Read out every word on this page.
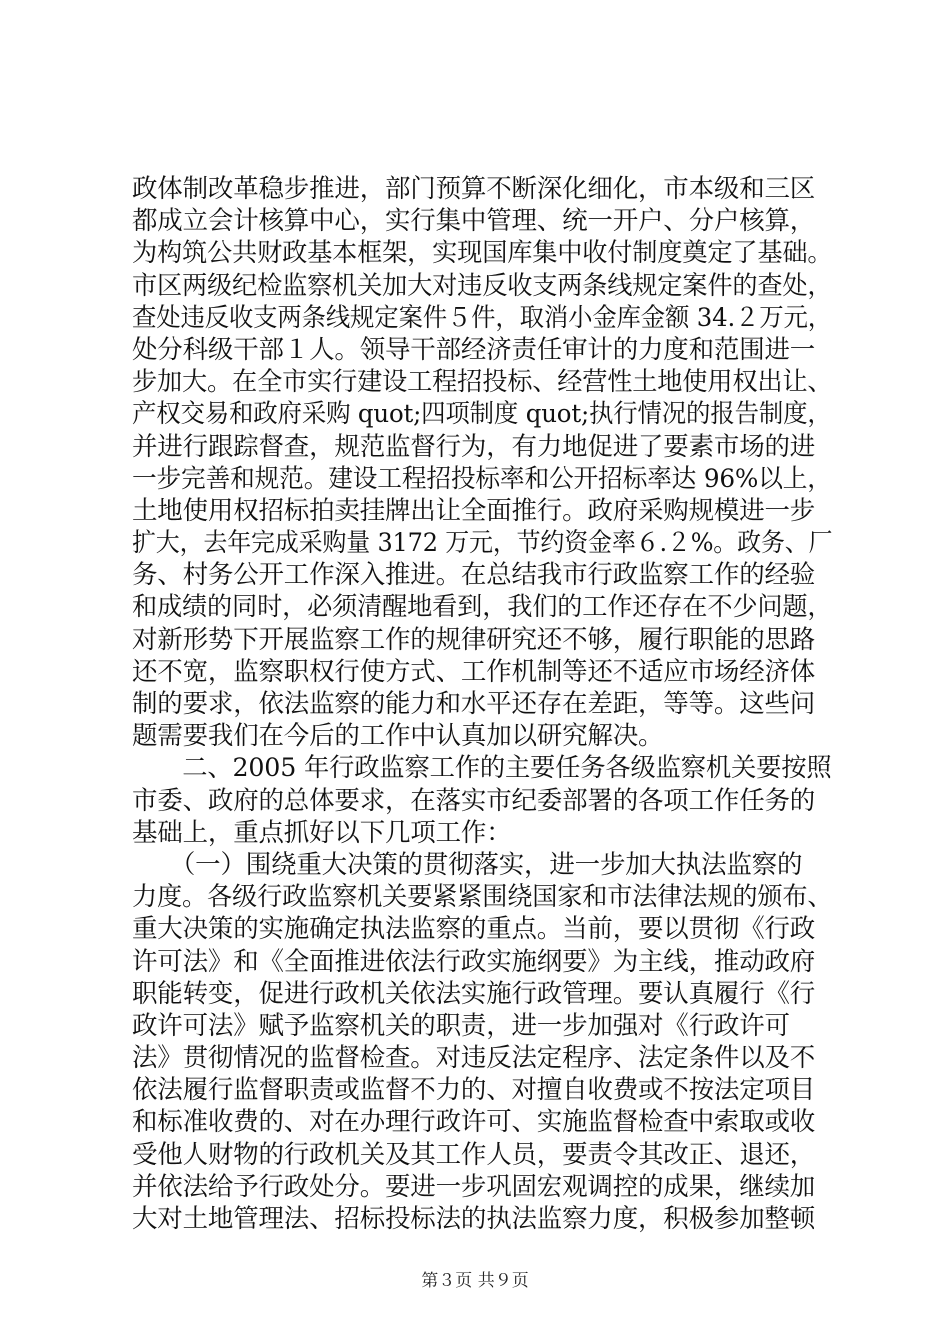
政体制改革稳步推进，部门预算不断深化细化，市本级和三区
都成立会计核算中心，实行集中管理、统一开户、分户核算，
为构筑公共财政基本框架，实现国库集中收付制度奠定了基础。
市区两级纪检监察机关加大对违反收支两条线规定案件的查处，
查处违反收支两条线规定案件５件，取消小金库金额 34.２万元，
处分科级干部１人。领导干部经济责任审计的力度和范围进一
步加大。在全市实行建设工程招投标、经营性土地使用权出让、
产权交易和政府采购 quot;四项制度 quot;执行情况的报告制度，
并进行跟踪督查，规范监督行为，有力地促进了要素市场的进
一步完善和规范。建设工程招投标率和公开招标率达 96%以上，
土地使用权招标拍卖挂牌出让全面推行。政府采购规模进一步
扩大，去年完成采购量 3172 万元，节约资金率６.２%。政务、厂
务、村务公开工作深入推进。在总结我市行政监察工作的经验
和成绩的同时，必须清醒地看到，我们的工作还存在不少问题，
对新形势下开展监察工作的规律研究还不够，履行职能的思路
还不宽，监察职权行使方式、工作机制等还不适应市场经济体
制的要求，依法监察的能力和水平还存在差距，等等。这些问
题需要我们在今后的工作中认真加以研究解决。
　　二、2005 年行政监察工作的主要任务各级监察机关要按照
市委、政府的总体要求，在落实市纪委部署的各项工作任务的
基础上，重点抓好以下几项工作：
　　（一）围绕重大决策的贯彻落实，进一步加大执法监察的
力度。各级行政监察机关要紧紧围绕国家和市法律法规的颁布、
重大决策的实施确定执法监察的重点。当前，要以贯彻《行政
许可法》和《全面推进依法行政实施纲要》为主线，推动政府
职能转变，促进行政机关依法实施行政管理。要认真履行《行
政许可法》赋予监察机关的职责，进一步加强对《行政许可
法》贯彻情况的监督检查。对违反法定程序、法定条件以及不
依法履行监督职责或监督不力的、对擅自收费或不按法定项目
和标准收费的、对在办理行政许可、实施监督检查中索取或收
受他人财物的行政机关及其工作人员，要责令其改正、退还，
并依法给予行政处分。要进一步巩固宏观调控的成果，继续加
大对土地管理法、招标投标法的执法监察力度，积极参加整顿
第３页 共９页
